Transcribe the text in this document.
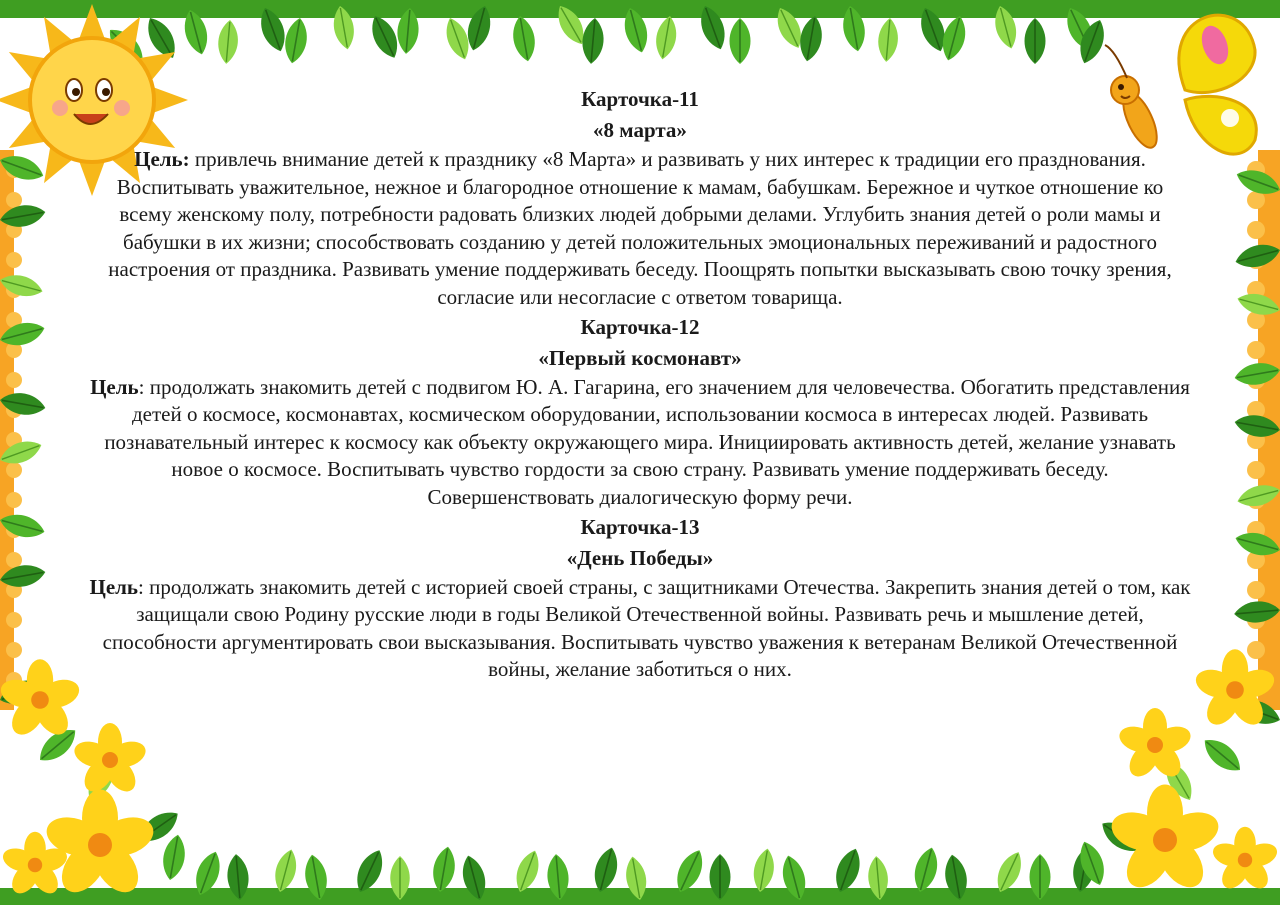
Карточка-11

«8 марта»

Цель: привлечь внимание детей к празднику «8 Марта» и развивать у них интерес к традиции его празднования. Воспитывать уважительное, нежное и благородное отношение к мамам, бабушкам. Бережное и чуткое отношение ко всему женскому полу, потребности радовать близких людей добрыми делами. Углубить знания детей о роли мамы и бабушки в их жизни; способствовать созданию у детей положительных эмоциональных переживаний и радостного настроения от праздника. Развивать умение поддерживать беседу. Поощрять попытки высказывать свою точку зрения, согласие или несогласие с ответом товарища.

Карточка-12

«Первый космонавт»

Цель: продолжать знакомить детей с подвигом Ю. А. Гагарина, его значением для человечества. Обогатить представления детей о космосе, космонавтах, космическом оборудовании, использовании космоса в интересах людей. Развивать познавательный интерес к космосу как объекту окружающего мира. Инициировать активность детей, желание узнавать новое о космосе. Воспитывать чувство гордости за свою страну. Развивать умение поддерживать беседу. Совершенствовать диалогическую форму речи.

Карточка-13

«День Победы»

Цель: продолжать знакомить детей с историей своей страны, с защитниками Отечества. Закрепить знания детей о том, как защищали свою Родину русские люди в годы Великой Отечественной войны. Развивать речь и мышление детей, способности аргументировать свои высказывания. Воспитывать чувство уважения к ветеранам Великой Отечественной войны, желание заботиться о них.
